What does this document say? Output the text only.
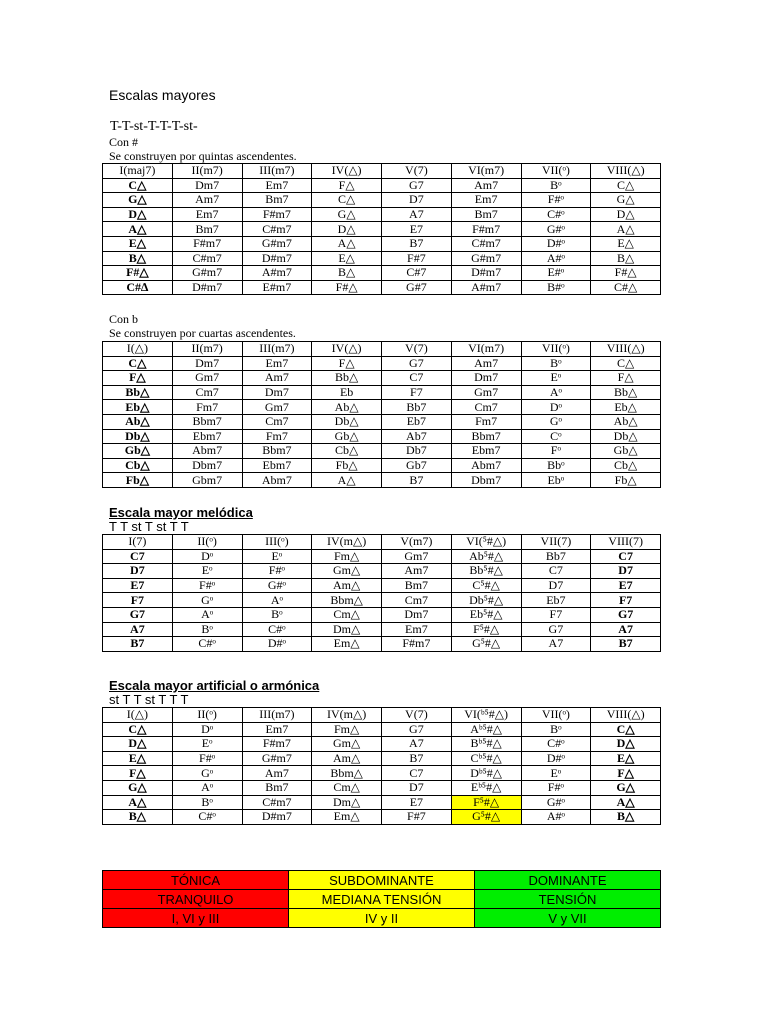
Escalas mayores
T-T-st-T-T-T-st-
Con #
Se construyen por quintas ascendentes.
I(maj7)	II(m7)	III(m7)	IV(△)	V(7)	VI(m7)	VII(ᵒ)	VIII(△)
C△	Dm7	Em7	F△	G7	Am7	Bᵒ	C△
G△	Am7	Bm7	C△	D7	Em7	F#ᵒ	G△
D△	Em7	F#m7	G△	A7	Bm7	C#ᵒ	D△
A△	Bm7	C#m7	D△	E7	F#m7	G#ᵒ	A△
E△	F#m7	G#m7	A△	B7	C#m7	D#ᵒ	E△
B△	C#m7	D#m7	E△	F#7	G#m7	A#ᵒ	B△
F#△	G#m7	A#m7	B△	C#7	D#m7	E#ᵒ	F#△
C#∆	D#m7	E#m7	F#△	G#7	A#m7	B#ᵒ	C#△
Con b
Se construyen por cuartas ascendentes.
I(△)	II(m7)	III(m7)	IV(△)	V(7)	VI(m7)	VII(ᵒ)	VIII(△)
C△	Dm7	Em7	F△	G7	Am7	Bᵒ	C△
F△	Gm7	Am7	Bb△	C7	Dm7	Eᵒ	F△
Bb△	Cm7	Dm7	Eb	F7	Gm7	Aᵒ	Bb△
Eb△	Fm7	Gm7	Ab△	Bb7	Cm7	Dᵒ	Eb△
Ab△	Bbm7	Cm7	Db△	Eb7	Fm7	Gᵒ	Ab△
Db△	Ebm7	Fm7	Gb△	Ab7	Bbm7	Cᵒ	Db△
Gb△	Abm7	Bbm7	Cb△	Db7	Ebm7	Fᵒ	Gb△
Cb△	Dbm7	Ebm7	Fb△	Gb7	Abm7	Bbᵒ	Cb△
Fb△	Gbm7	Abm7	A△	B7	Dbm7	Ebᵒ	Fb△
Escala mayor melódica
T T st T st T T
I(7)	II(ᵒ)	III(ᵒ)	IV(m△)	V(m7)	VI(⁵#△)	VII(7)	VIII(7)
C7	Dᵒ	Eᵒ	Fm△	Gm7	Ab⁵#△	Bb7	C7
D7	Eᵒ	F#ᵒ	Gm△	Am7	Bb⁵#△	C7	D7
E7	F#ᵒ	G#ᵒ	Am△	Bm7	C⁵#△	D7	E7
F7	Gᵒ	Aᵒ	Bbm△	Cm7	Db⁵#△	Eb7	F7
G7	Aᵒ	Bᵒ	Cm△	Dm7	Eb⁵#△	F7	G7
A7	Bᵒ	C#ᵒ	Dm△	Em7	F⁵#△	G7	A7
B7	C#ᵒ	D#ᵒ	Em△	F#m7	G⁵#△	A7	B7
Escala mayor artificial o armónica
st T T st T T T
I(△)	II(ᵒ)	III(m7)	IV(m△)	V(7)	VI(ᵇ⁵#△)	VII(ᵒ)	VIII(△)
C△	Dᵒ	Em7	Fm△	G7	Aᵇ⁵#△	Bᵒ	C△
D△	Eᵒ	F#m7	Gm△	A7	Bᵇ⁵#△	C#ᵒ	D△
E△	F#ᵒ	G#m7	Am△	B7	Cᵇ⁵#△	D#ᵒ	E△
F△	Gᵒ	Am7	Bbm△	C7	Dᵇ⁵#△	Eᵒ	F△
G△	Aᵒ	Bm7	Cm△	D7	Eᵇ⁵#△	F#ᵒ	G△
A△	Bᵒ	C#m7	Dm△	E7	F⁵#△	G#ᵒ	A△
B△	C#ᵒ	D#m7	Em△	F#7	G⁵#△	A#ᵒ	B△
TÓNICA	SUBDOMINANTE	DOMINANTE
TRANQUILO	MEDIANA TENSIÓN	TENSIÓN
I, VI y III	IV y II	V y VII
